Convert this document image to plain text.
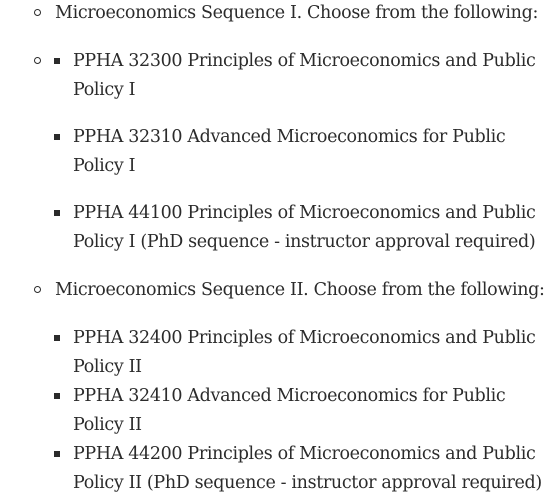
Microeconomics Sequence I. Choose from the following:
PPHA 32300 Principles of Microeconomics and Public
Policy I
PPHA 32310 Advanced Microeconomics for Public
Policy I
PPHA 44100 Principles of Microeconomics and Public
Policy I (PhD sequence - instructor approval required)
Microeconomics Sequence II. Choose from the following:
PPHA 32400 Principles of Microeconomics and Public
Policy II
PPHA 32410 Advanced Microeconomics for Public
Policy II
PPHA 44200 Principles of Microeconomics and Public
Policy II (PhD sequence - instructor approval required)
